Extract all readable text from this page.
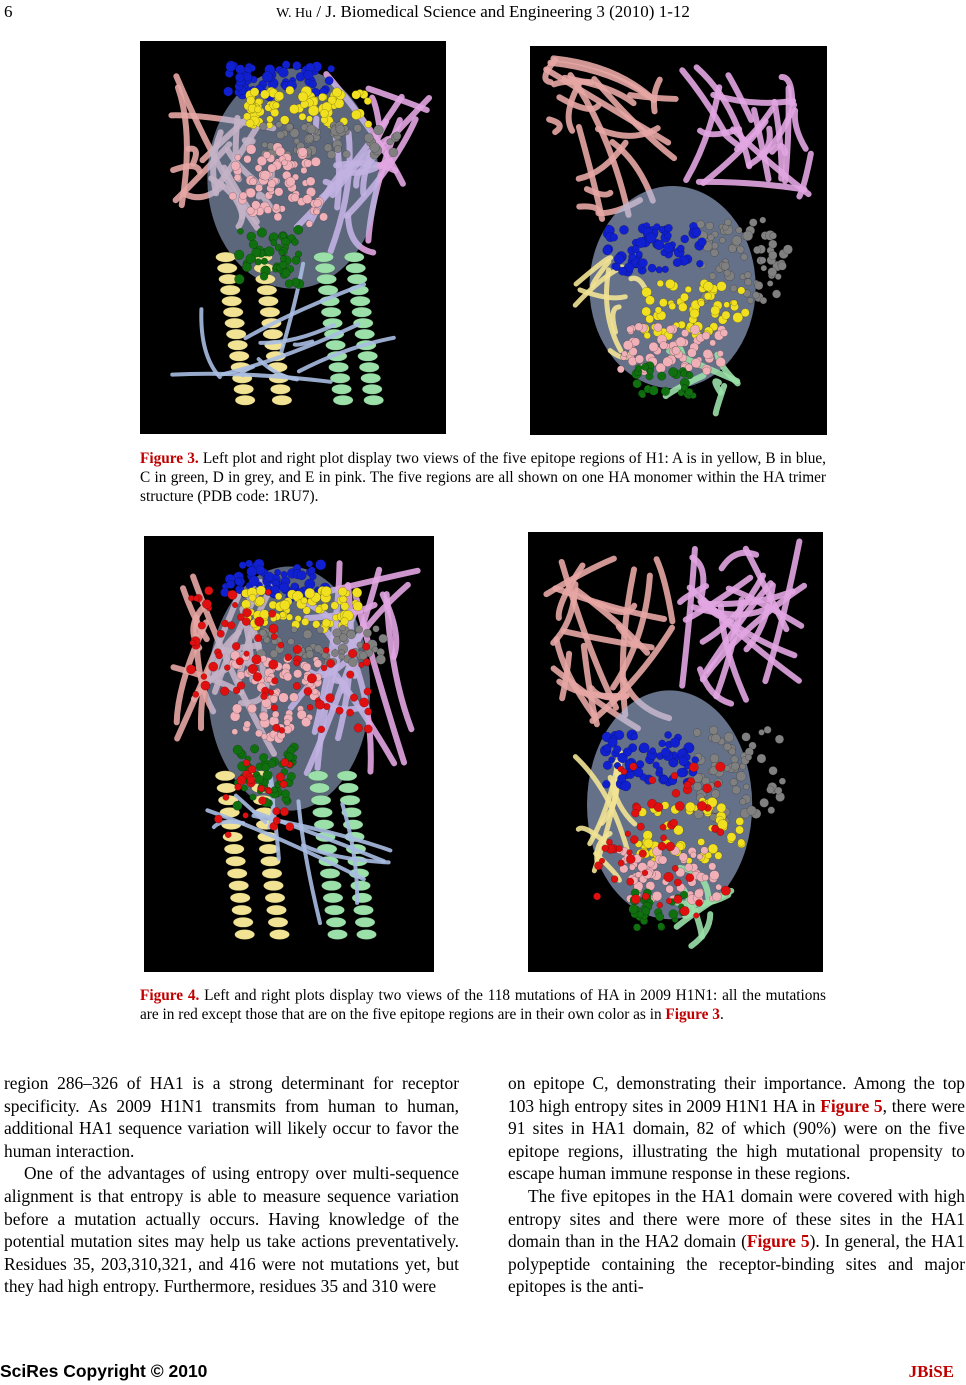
6	W. Hu / J. Biomedical Science and Engineering 3 (2010) 1-12
Figure 3. Left plot and right plot display two views of the five epitope regions of H1: A is in yellow, B in blue, C in green, D in grey, and E in pink. The five regions are all shown on one HA monomer within the HA trimer structure (PDB code: 1RU7).
Figure 4. Left and right plots display two views of the 118 mutations of HA in 2009 H1N1: all the mutations are in red except those that are on the five epitope regions are in their own color as in Figure 3.

region 286–326 of HA1 is a strong determinant for receptor specificity. As 2009 H1N1 transmits from human to human, additional HA1 sequence variation will likely occur to favor the human interaction.

One of the advantages of using entropy over multi-sequence alignment is that entropy is able to measure sequence variation before a mutation actually occurs. Having knowledge of the potential mutation sites may help us take actions preventatively. Residues 35, 203,310,321, and 416 were not mutations yet, but they had high entropy. Furthermore, residues 35 and 310 were

on epitope C, demonstrating their importance. Among the top 103 high entropy sites in 2009 H1N1 HA in Figure 5, there were 91 sites in HA1 domain, 82 of which (90%) were on the five epitope regions, illustrating the high mutational propensity to escape human immune response in these regions.

The five epitopes in the HA1 domain were covered with high entropy sites and there were more of these sites in the HA1 domain than in the HA2 domain (Figure 5). In general, the HA1 polypeptide containing the receptor-binding sites and major epitopes is the anti-

SciRes Copyright © 2010	JBiSE
